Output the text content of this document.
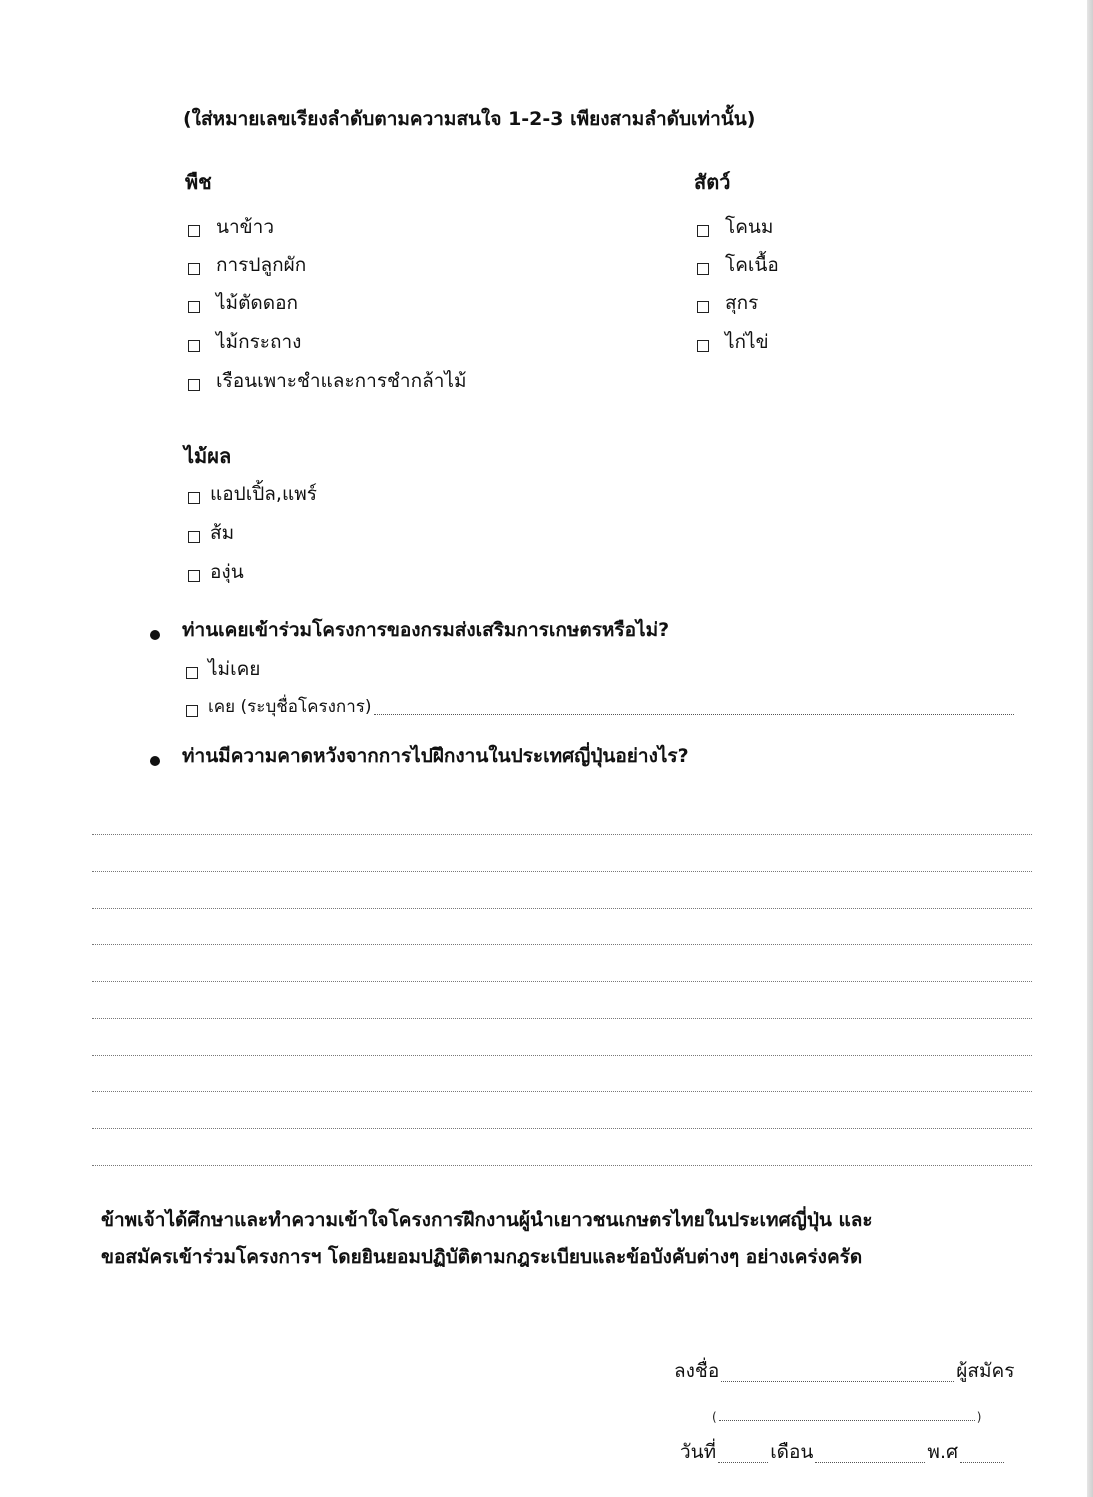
(ใส่หมายเลขเรียงลำดับตามความสนใจ 1-2-3 เพียงสามลำดับเท่านั้น)
พืช
นาข้าว
การปลูกผัก
ไม้ตัดดอก
ไม้กระถาง
เรือนเพาะชำและการชำกล้าไม้
สัตว์
โคนม
โคเนื้อ
สุกร
ไก่ไข่
ไม้ผล
แอปเปิ้ล,แพร์
ส้ม
องุ่น
ท่านเคยเข้าร่วมโครงการของกรมส่งเสริมการเกษตรหรือไม่?
ไม่เคย
เคย (ระบุชื่อโครงการ)
ท่านมีความคาดหวังจากการไปฝึกงานในประเทศญี่ปุ่นอย่างไร?
ข้าพเจ้าได้ศึกษาและทำความเข้าใจโครงการฝึกงานผู้นำเยาวชนเกษตรไทยในประเทศญี่ปุ่น และ
ขอสมัครเข้าร่วมโครงการฯ โดยยินยอมปฏิบัติตามกฎระเบียบและข้อบังคับต่างๆ อย่างเคร่งครัด
ลงชื่อ	ผู้สมัคร
(	)
วันที่	เดือน	พ.ศ
